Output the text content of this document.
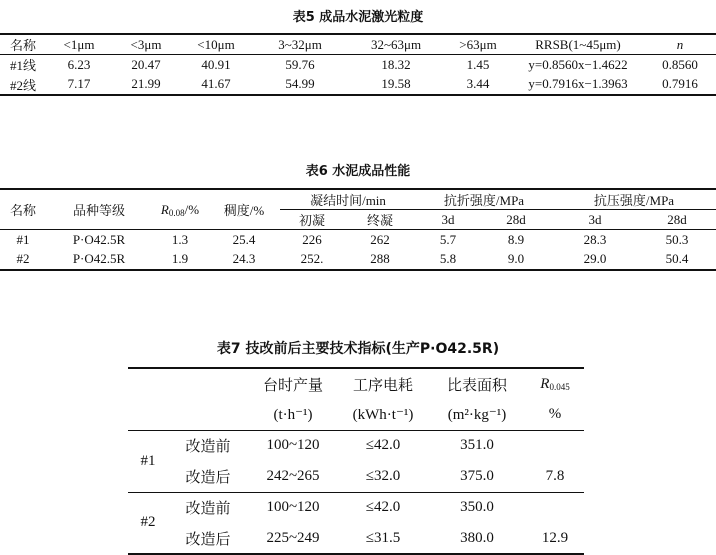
表5 成品水泥激光粒度
名称	<1μm	<3μm	<10μm	3~32μm	32~63μm	>63μm	RRSB(1~45μm)	n
#1线	6.23	20.47	40.91	59.76	18.32	1.45	y=0.8560x−1.4622	0.8560
#2线	7.17	21.99	41.67	54.99	19.58	3.44	y=0.7916x−1.3963	0.7916
表6 水泥成品性能
名称	品种等级	$R_{0.08}/\%$	稠度/%	凝结时间/min		抗折强度/MPa		抗压强度/MPa	
				初凝	终凝	3d	28d	3d	28d
#1	P·O42.5R	1.3	25.4	226	262	5.7	8.9	28.3	50.3
#2	P·O42.5R	1.9	24.3	252.	288	5.8	9.0	29.0	50.4
表7 技改前后主要技术指标(生产P·O42.5R)
		台时产量	工序电耗	比表面积	$R_{0.045}$
		(t·h⁻¹)	(kWh·t⁻¹)	(m²·kg⁻¹)	%
#1	改造前	100~120	≤42.0	351.0	
	改造后	242~265	≤32.0	375.0	7.8
#2	改造前	100~120	≤42.0	350.0	
	改造后	225~249	≤31.5	380.0	12.9
